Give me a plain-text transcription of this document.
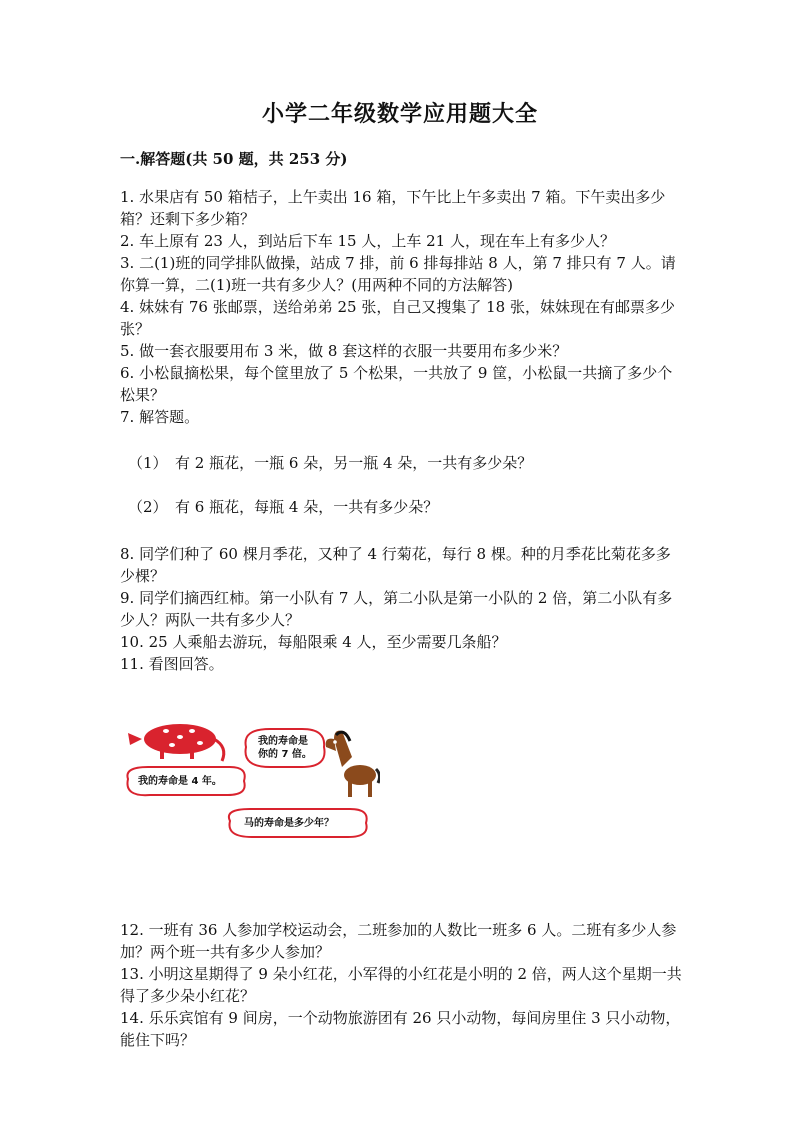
小学二年级数学应用题大全
一.解答题(共 50 题，共 253 分)

1. 水果店有 50 箱桔子，上午卖出 16 箱，下午比上午多卖出 7 箱。下午卖出多少箱？还剩下多少箱？

2. 车上原有 23 人，到站后下车 15 人，上车 21 人，现在车上有多少人？

3. 二(1)班的同学排队做操，站成 7 排，前 6 排每排站 8 人，第 7 排只有 7 人。请你算一算，二(1)班一共有多少人？(用两种不同的方法解答)

4. 妹妹有 76 张邮票，送给弟弟 25 张，自己又搜集了 18 张，妹妹现在有邮票多少张？

5. 做一套衣服要用布 3 米，做 8 套这样的衣服一共要用布多少米？

6. 小松鼠摘松果，每个筐里放了 5 个松果，一共放了 9 筐，小松鼠一共摘了多少个松果？

7. 解答题。

（1）　有 2 瓶花，一瓶 6 朵，另一瓶 4 朵，一共有多少朵？

（2）　有 6 瓶花，每瓶 4 朵，一共有多少朵？

8. 同学们种了 60 棵月季花，又种了 4 行菊花，每行 8 棵。种的月季花比菊花多多少棵？

9. 同学们摘西红柿。第一小队有 7 人，第二小队是第一小队的 2 倍，第二小队有多少人？两队一共有多少人？

10. 25 人乘船去游玩，每船限乘 4 人，至少需要几条船？

11. 看图回答。

我的寿命是 4 年。
我的寿命是
你的 7 倍。
马的寿命是多少年？

12. 一班有 36 人参加学校运动会，二班参加的人数比一班多 6 人。二班有多少人参加？两个班一共有多少人参加？

13. 小明这星期得了 9 朵小红花，小军得的小红花是小明的 2 倍，两人这个星期一共得了多少朵小红花？

14. 乐乐宾馆有 9 间房，一个动物旅游团有 26 只小动物，每间房里住 3 只小动物，能住下吗？
